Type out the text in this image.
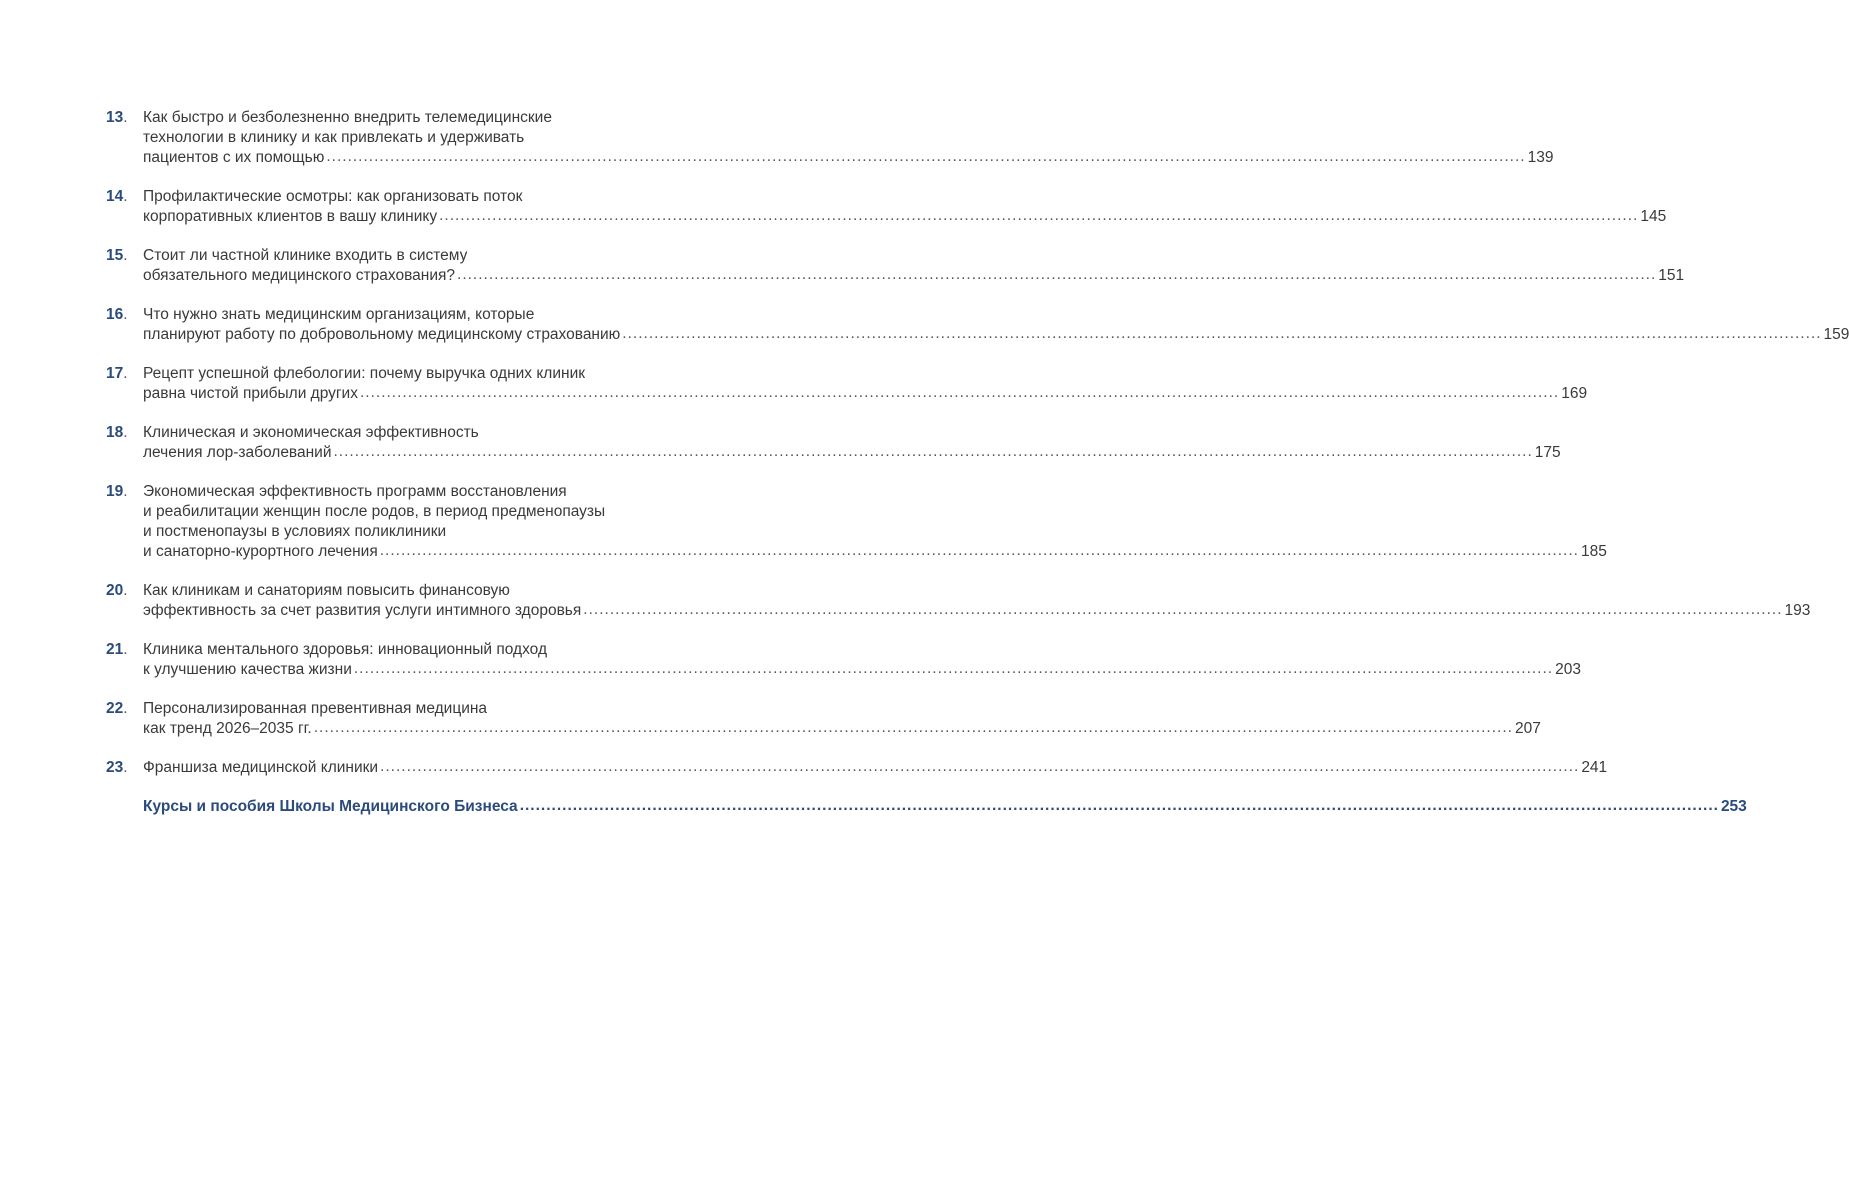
13. Как быстро и безболезненно внедрить телемедицинские
технологии в клинику и как привлекать и удерживать
пациентов с их помощью .....	139
14. Профилактические осмотры: как организовать поток
корпоративных клиентов в вашу клинику .....	145
15. Стоит ли частной клинике входить в систему
обязательного медицинского страхования? .....	151
16. Что нужно знать медицинским организациям, которые
планируют работу по добровольному медицинскому страхованию .....	159
17. Рецепт успешной флебологии: почему выручка одних клиник
равна чистой прибыли других .....	169
18. Клиническая и экономическая эффективность
лечения лор-заболеваний .....	175
19. Экономическая эффективность программ восстановления
и реабилитации женщин после родов, в период предменопаузы
и постменопаузы в условиях поликлиники
и санаторно-курортного лечения .....	185
20. Как клиникам и санаториям повысить финансовую
эффективность за счет развития услуги интимного здоровья .....	193
21. Клиника ментального здоровья: инновационный подход
к улучшению качества жизни .....	203
22. Персонализированная превентивная медицина
как тренд 2026–2035 гг. .....	207
23. Франшиза медицинской клиники .....	241
Курсы и пособия Школы Медицинского Бизнеса .....	253
